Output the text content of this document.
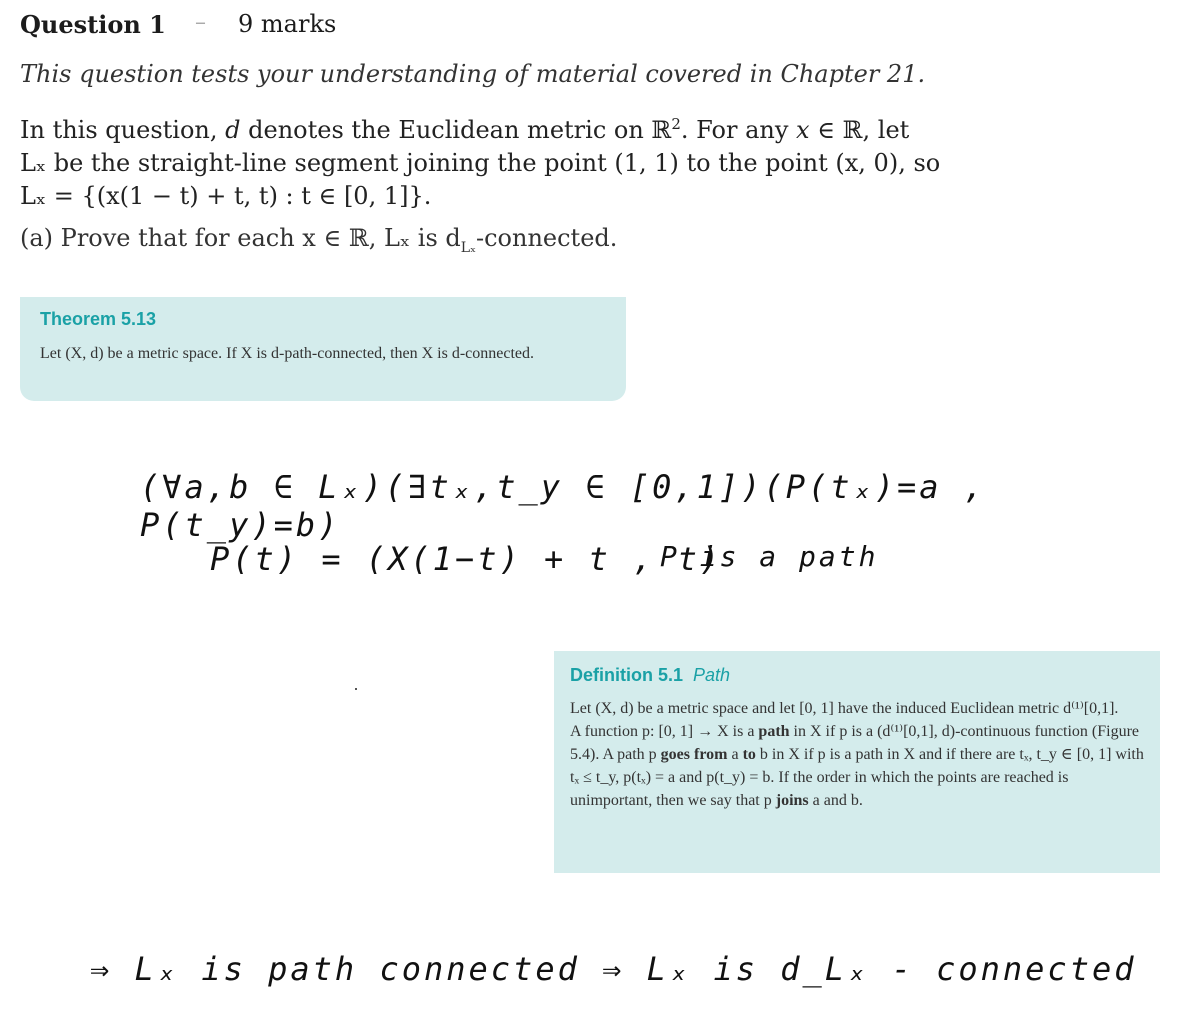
Question 1 – 9 marks
This question tests your understanding of material covered in Chapter 21.
In this question, d denotes the Euclidean metric on ℝ$^2$. For any x ∈ ℝ, let
Lₓ be the straight-line segment joining the point (1, 1) to the point (x, 0), so
Lₓ = {(x(1 − t) + t, t) : t ∈ [0, 1]}.
(a) Prove that for each x ∈ ℝ, Lₓ is $d_{L_x}$-connected.
Theorem 5.13
Let (X, d) be a metric space. If X is d-path-connected, then X is d-connected.
(∀a,b ∈ Lₓ)(∃tₓ,t_y ∈ [0,1])(P(tₓ)=a , P(t_y)=b)
P(t) = (X(1−t) + t , t)
P is a path
Definition 5.1 Path
Let (X, d) be a metric space and let [0, 1] have the induced Euclidean metric d⁽¹⁾[0,1].
A function p: [0, 1] → X is a path in X if p is a (d⁽¹⁾[0,1], d)-continuous function (Figure 5.4). A path p goes from a to b in X if p is a path in X and if there are tₓ, t_y ∈ [0, 1] with tₓ ≤ t_y, p(tₓ) = a and p(t_y) = b. If the order in which the points are reached is unimportant, then we say that p joins a and b.
⇒ Lₓ is path connected ⇒ Lₓ is d_Lₓ - connected
